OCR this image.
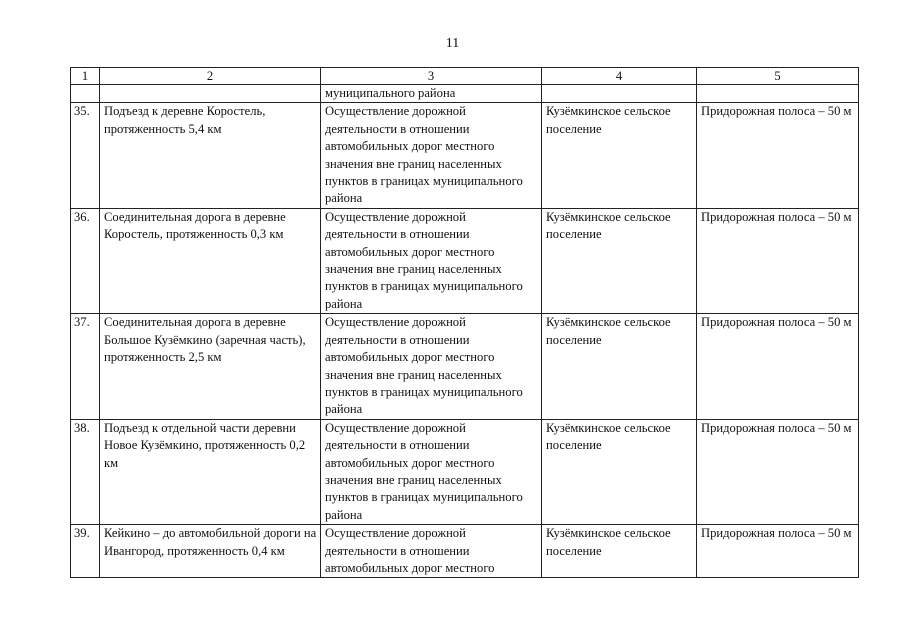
11
1	2	3	4	5
		муниципального района		
35.	Подъезд к деревне Коростель, протяженность 5,4 км	Осуществление дорожной деятельности в отношении автомобильных дорог местного значения вне границ населенных пунктов в границах муниципального района	Кузёмкинское сельское поселение	Придорожная полоса – 50 м
36.	Соединительная дорога в деревне Коростель, протяженность 0,3 км	Осуществление дорожной деятельности в отношении автомобильных дорог местного значения вне границ населенных пунктов в границах муниципального района	Кузёмкинское сельское поселение	Придорожная полоса – 50 м
37.	Соединительная дорога в деревне Большое Кузёмкино (заречная часть), протяженность 2,5 км	Осуществление дорожной деятельности в отношении автомобильных дорог местного значения вне границ населенных пунктов в границах муниципального района	Кузёмкинское сельское поселение	Придорожная полоса – 50 м
38.	Подъезд к отдельной части деревни Новое Кузёмкино, протяженность 0,2 км	Осуществление дорожной деятельности в отношении автомобильных дорог местного значения вне границ населенных пунктов в границах муниципального района	Кузёмкинское сельское поселение	Придорожная полоса – 50 м
39.	Кейкино – до автомобильной дороги на Ивангород, протяженность 0,4 км	Осуществление дорожной деятельности в отношении автомобильных дорог местного	Кузёмкинское сельское поселение	Придорожная полоса – 50 м
